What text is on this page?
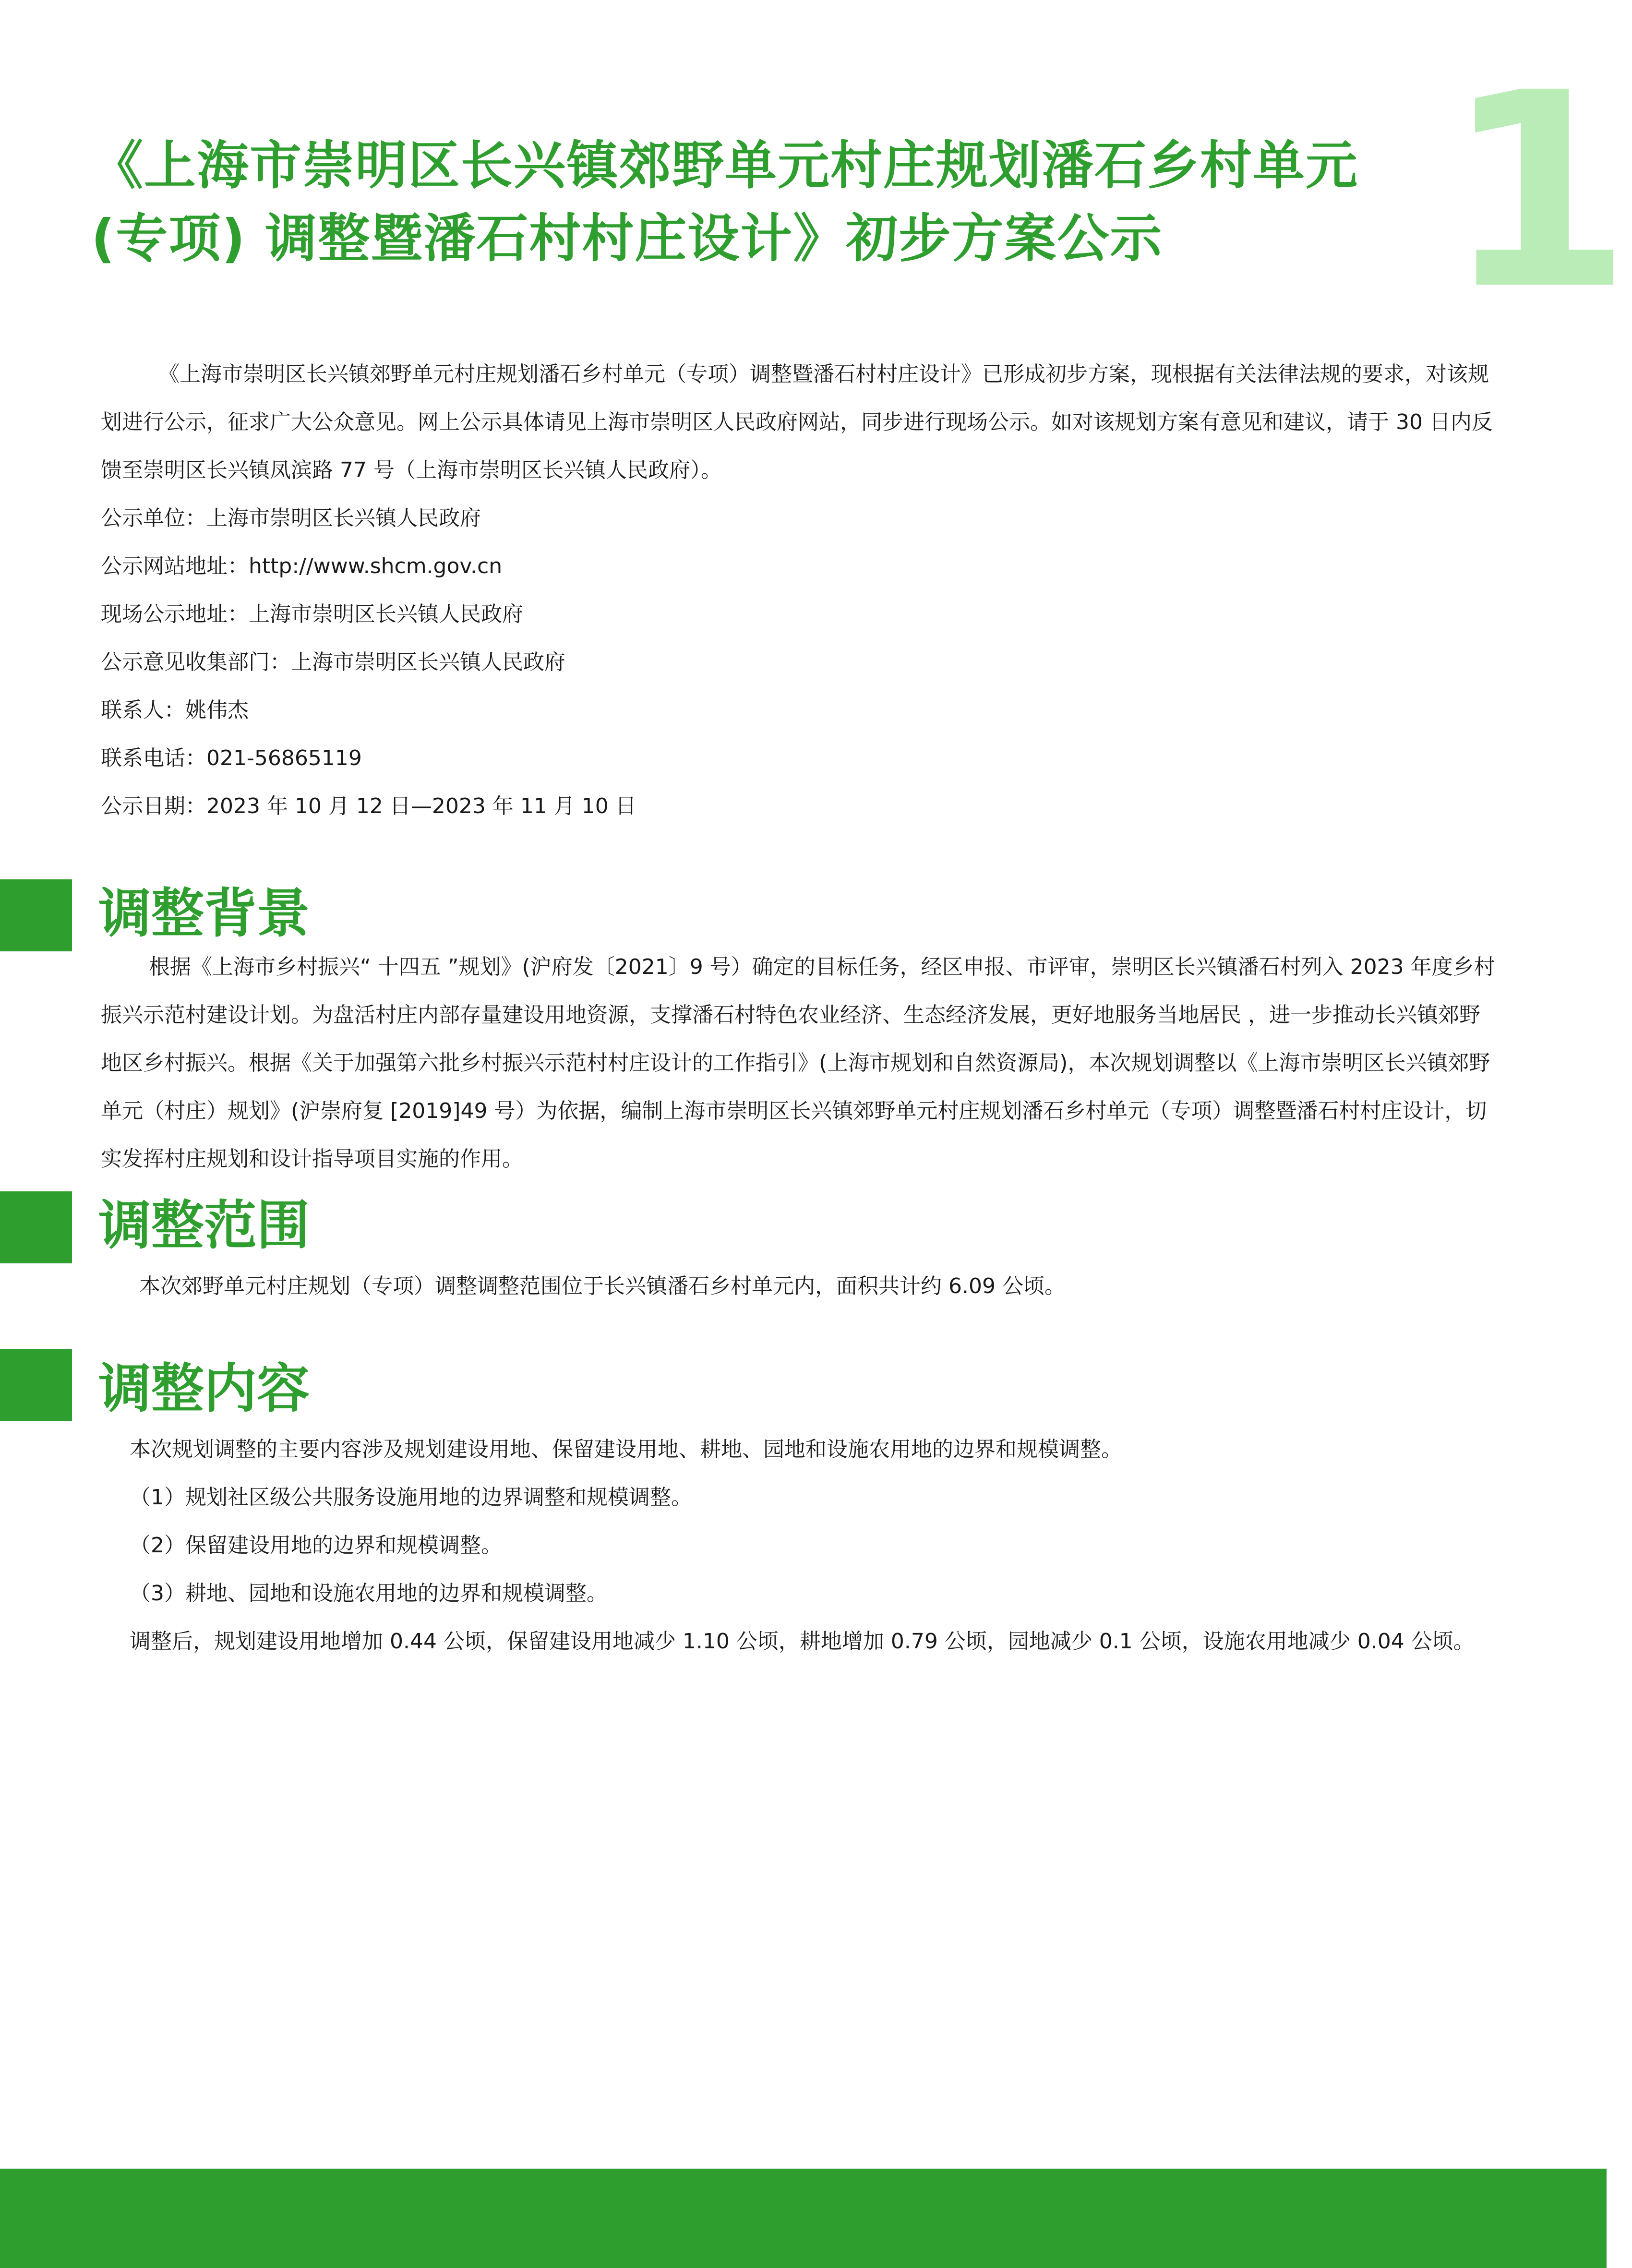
1
《上海市崇明区长兴镇郊野单元村庄规划潘石乡村单元
(专项) 调整暨潘石村村庄设计》初步方案公示

《上海市崇明区长兴镇郊野单元村庄规划潘石乡村单元（专项）调整暨潘石村村庄设计》已形成初步方案，现根据有关法律法规的要求，对该规划进行公示，征求广大公众意见。网上公示具体请见上海市崇明区人民政府网站，同步进行现场公示。如对该规划方案有意见和建议，请于 30 日内反馈至崇明区长兴镇凤滨路 77 号（上海市崇明区长兴镇人民政府）。

公示单位：上海市崇明区长兴镇人民政府

公示网站地址：http://www.shcm.gov.cn

现场公示地址：上海市崇明区长兴镇人民政府

公示意见收集部门：上海市崇明区长兴镇人民政府

联系人：姚伟杰

联系电话：021-56865119

公示日期：2023 年 10 月 12 日—2023 年 11 月 10 日

调整背景

根据《上海市乡村振兴“ 十四五 ”规划》(沪府发〔2021〕9 号）确定的目标任务，经区申报、市评审，崇明区长兴镇潘石村列入 2023 年度乡村振兴示范村建设计划。为盘活村庄内部存量建设用地资源，支撑潘石村特色农业经济、生态经济发展，更好地服务当地居民 ，进一步推动长兴镇郊野地区乡村振兴。根据《关于加强第六批乡村振兴示范村村庄设计的工作指引》(上海市规划和自然资源局)，本次规划调整以《上海市崇明区长兴镇郊野单元（村庄）规划》(沪崇府复 [2019]49 号）为依据，编制上海市崇明区长兴镇郊野单元村庄规划潘石乡村单元（专项）调整暨潘石村村庄设计，切实发挥村庄规划和设计指导项目实施的作用。

调整范围

本次郊野单元村庄规划（专项）调整调整范围位于长兴镇潘石乡村单元内，面积共计约 6.09 公顷。

调整内容

本次规划调整的主要内容涉及规划建设用地、保留建设用地、耕地、园地和设施农用地的边界和规模调整。

（1）规划社区级公共服务设施用地的边界调整和规模调整。

（2）保留建设用地的边界和规模调整。

（3）耕地、园地和设施农用地的边界和规模调整。

调整后，规划建设用地增加 0.44 公顷，保留建设用地减少 1.10 公顷，耕地增加 0.79 公顷，园地减少 0.1 公顷，设施农用地减少 0.04 公顷。
